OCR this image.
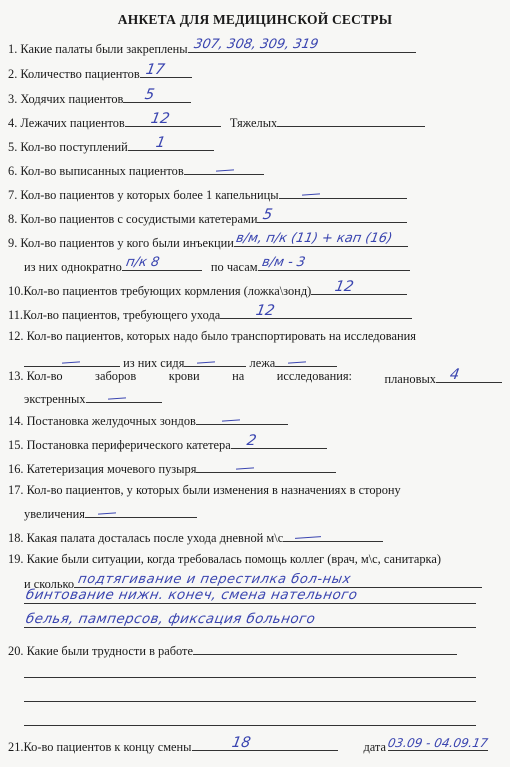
АНКЕТА ДЛЯ МЕДИЦИНСКОЙ СЕСТРЫ
1. Какие палаты были закреплены 307, 308, 309, 319
2. Количество пациентов 17
3. Ходячих пациентов 5
4. Лежачих пациентов 12	Тяжелых
5. Кол-во поступлений 1
6. Кол-во выписанных пациентов
7. Кол-во пациентов у которых более 1 капельницы
8. Кол-во пациентов с сосудистыми катетерами 5
9. Кол-во пациентов у кого были инъекции в/м, п/к (11) + кап (16)
из них однократно п/к 8	по часам в/м - 3
10.Кол-во пациентов требующих кормления (ложка\зонд) 12
11.Кол-во пациентов, требующего ухода 12
12. Кол-во пациентов, которых надо было транспортировать на исследования
из них сидя	лежа
13. Кол-во	заборов	крови	на	исследования:	плановых 4
экстренных
14. Постановка желудочных зондов
15. Постановка периферического катетера 2
16. Катетеризация мочевого пузыря
17. Кол-во пациентов, у которых были изменения в назначениях в сторону
увеличения
18. Какая палата досталась после ухода дневной м\с
19. Какие были ситуации, когда требовалась помощь коллег (врач, м\с, санитарка)
и сколько подтягивание и перестилка бол-ных
бинтование нижн. конеч, смена нательного
белья, памперсов, фиксация больного
20. Какие были трудности в работе
21.Ко-во пациентов к концу смены	18	дата 03.09 - 04.09.17
